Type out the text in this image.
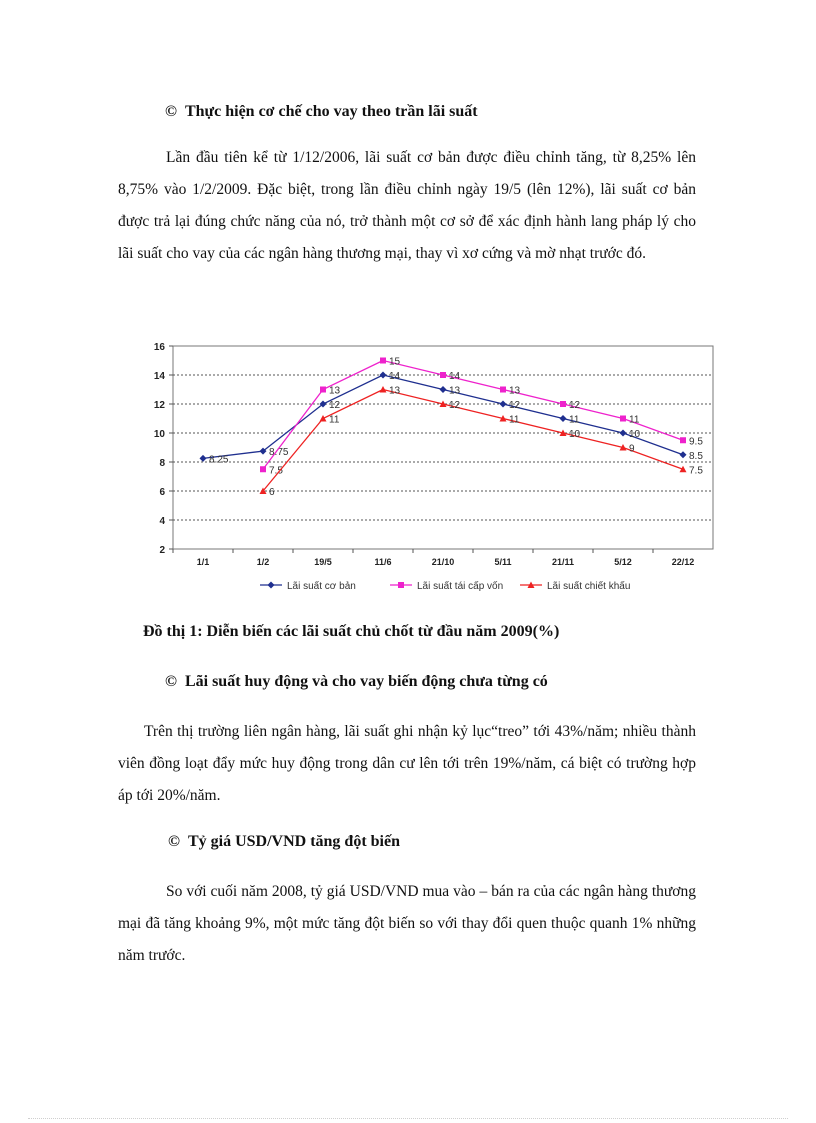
© Thực hiện cơ chế cho vay theo trần lãi suất

Lần đầu tiên kể từ 1/12/2006, lãi suất cơ bản được điều chỉnh tăng, từ 8,25% lên 8,75% vào 1/2/2009. Đặc biệt, trong lần điều chỉnh ngày 19/5 (lên 12%), lãi suất cơ bản được trả lại đúng chức năng của nó, trở thành một cơ sở để xác định hành lang pháp lý cho lãi suất cho vay của các ngân hàng thương mại, thay vì xơ cứng và mờ nhạt trước đó.

2
4
6
8
10
12
14
16
1/1	1/2	19/5	11/6	21/10	5/11	21/11	5/12	22/12
8.25
8.75
12
14
13
12
11
10
8.5
7.5
13
15
14
13
12
11
9.5
6
11
13
12
11
10
9
7.5
Lãi suất cơ bản	Lãi suất tái cấp vốn	Lãi suất chiết khấu
Đồ thị 1: Diễn biến các lãi suất chủ chốt từ đầu năm 2009(%)
© Lãi suất huy động và cho vay biến động chưa từng có

Trên thị trường liên ngân hàng, lãi suất ghi nhận kỷ lục“treo” tới 43%/năm; nhiều thành viên đồng loạt đẩy mức huy động trong dân cư lên tới trên 19%/năm, cá biệt có trường hợp áp tới 20%/năm.

© Tỷ giá USD/VND tăng đột biến

So với cuối năm 2008, tỷ giá USD/VND mua vào – bán ra của các ngân hàng thương mại đã tăng khoảng 9%, một mức tăng đột biến so với thay đổi quen thuộc quanh 1% những năm trước.
